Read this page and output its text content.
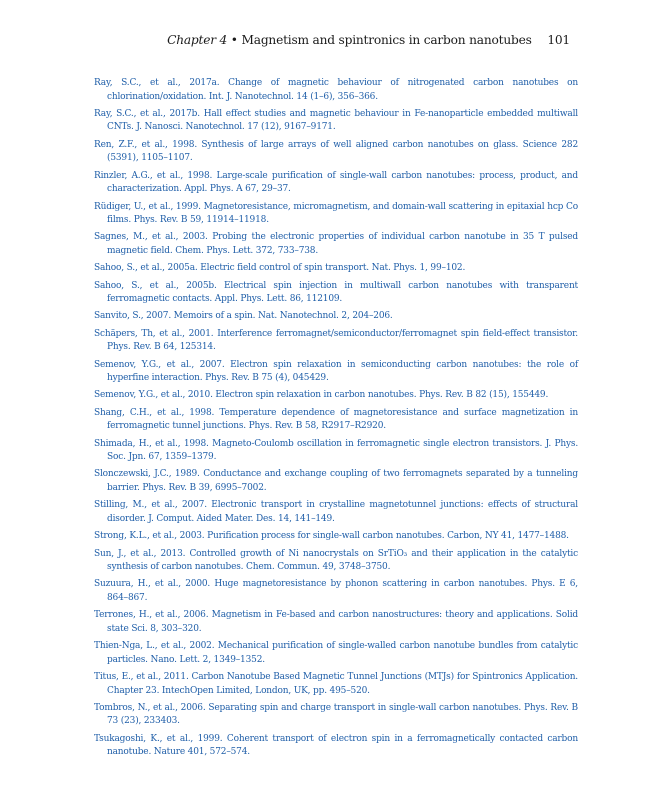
Chapter 4 • Magnetism and spintronics in carbon nanotubes 101
Ray, S.C., et al., 2017a. Change of magnetic behaviour of nitrogenated carbon nanotubes on chlorination/oxidation. Int. J. Nanotechnol. 14 (1–6), 356–366.
Ray, S.C., et al., 2017b. Hall effect studies and magnetic behaviour in Fe-nanoparticle embedded multiwall CNTs. J. Nanosci. Nanotechnol. 17 (12), 9167–9171.
Ren, Z.F., et al., 1998. Synthesis of large arrays of well aligned carbon nanotubes on glass. Science 282 (5391), 1105–1107.
Rinzler, A.G., et al., 1998. Large-scale purification of single-wall carbon nanotubes: process, product, and characterization. Appl. Phys. A 67, 29–37.
Rüdiger, U., et al., 1999. Magnetoresistance, micromagnetism, and domain-wall scattering in epitaxial hcp Co films. Phys. Rev. B 59, 11914–11918.
Sagnes, M., et al., 2003. Probing the electronic properties of individual carbon nanotube in 35 T pulsed magnetic field. Chem. Phys. Lett. 372, 733–738.
Sahoo, S., et al., 2005a. Electric field control of spin transport. Nat. Phys. 1, 99–102.
Sahoo, S., et al., 2005b. Electrical spin injection in multiwall carbon nanotubes with transparent ferromagnetic contacts. Appl. Phys. Lett. 86, 112109.
Sanvito, S., 2007. Memoirs of a spin. Nat. Nanotechnol. 2, 204–206.
Schäpers, Th, et al., 2001. Interference ferromagnet/semiconductor/ferromagnet spin field-effect transistor. Phys. Rev. B 64, 125314.
Semenov, Y.G., et al., 2007. Electron spin relaxation in semiconducting carbon nanotubes: the role of hyperfine interaction. Phys. Rev. B 75 (4), 045429.
Semenov, Y.G., et al., 2010. Electron spin relaxation in carbon nanotubes. Phys. Rev. B 82 (15), 155449.
Shang, C.H., et al., 1998. Temperature dependence of magnetoresistance and surface magnetization in ferromagnetic tunnel junctions. Phys. Rev. B 58, R2917–R2920.
Shimada, H., et al., 1998. Magneto-Coulomb oscillation in ferromagnetic single electron transistors. J. Phys. Soc. Jpn. 67, 1359–1379.
Slonczewski, J.C., 1989. Conductance and exchange coupling of two ferromagnets separated by a tunneling barrier. Phys. Rev. B 39, 6995–7002.
Stilling, M., et al., 2007. Electronic transport in crystalline magnetotunnel junctions: effects of structural disorder. J. Comput. Aided Mater. Des. 14, 141–149.
Strong, K.L., et al., 2003. Purification process for single-wall carbon nanotubes. Carbon, NY 41, 1477–1488.
Sun, J., et al., 2013. Controlled growth of Ni nanocrystals on SrTiO₃ and their application in the catalytic synthesis of carbon nanotubes. Chem. Commun. 49, 3748–3750.
Suzuura, H., et al., 2000. Huge magnetoresistance by phonon scattering in carbon nanotubes. Phys. E 6, 864–867.
Terrones, H., et al., 2006. Magnetism in Fe-based and carbon nanostructures: theory and applications. Solid state Sci. 8, 303–320.
Thien-Nga, L., et al., 2002. Mechanical purification of single-walled carbon nanotube bundles from catalytic particles. Nano. Lett. 2, 1349–1352.
Titus, E., et al., 2011. Carbon Nanotube Based Magnetic Tunnel Junctions (MTJs) for Spintronics Application. Chapter 23. IntechOpen Limited, London, UK, pp. 495–520.
Tombros, N., et al., 2006. Separating spin and charge transport in single-wall carbon nanotubes. Phys. Rev. B 73 (23), 233403.
Tsukagoshi, K., et al., 1999. Coherent transport of electron spin in a ferromagnetically contacted carbon nanotube. Nature 401, 572–574.
